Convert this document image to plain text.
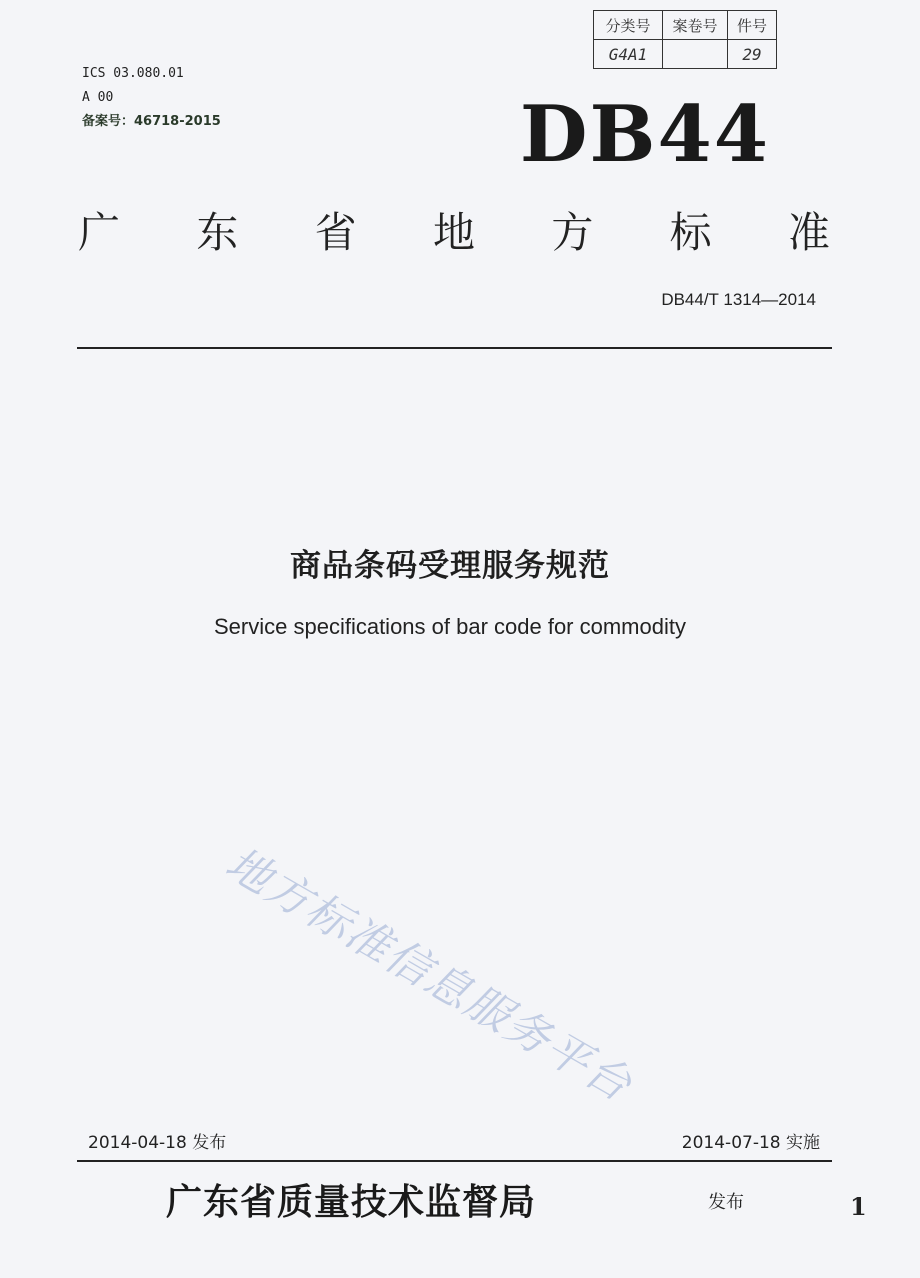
分类号	案卷号	件号
G4A1		29
ICS 03.080.01
A 00
备案号：46718-2015	DB44
广 东 省 地 方 标 准
DB44/T 1314—2014
商品条码受理服务规范
Service specifications of bar code for commodity
地方标准信息服务平台
2014-04-18 发布	2014-07-18 实施
广东省质量技术监督局	发布	1
